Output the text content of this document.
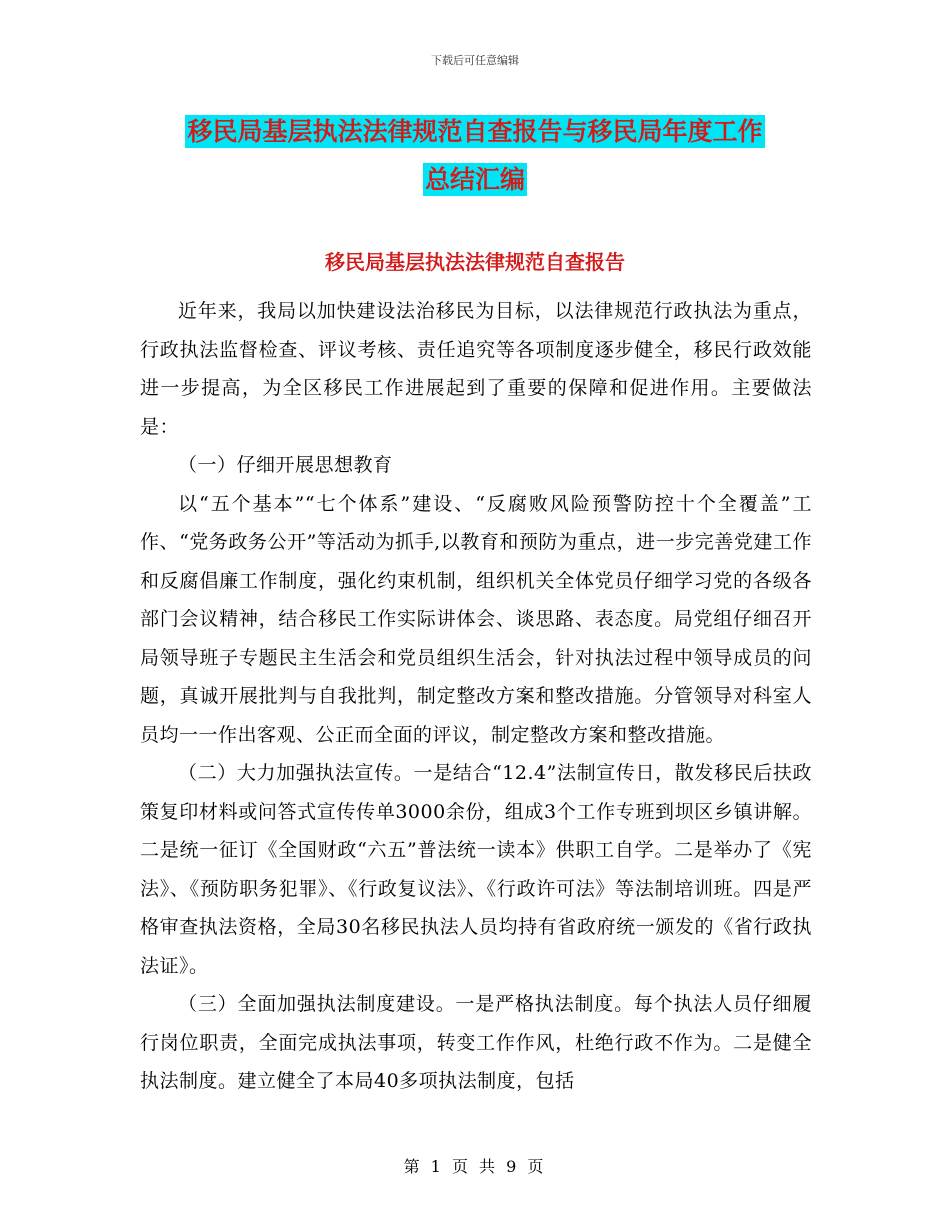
下载后可任意编辑
移民局基层执法法律规范自查报告与移民局年度工作
总结汇编
移民局基层执法法律规范自查报告

近年来，我局以加快建设法治移民为目标，以法律规范行政执法为重点，行政执法监督检查、评议考核、责任追究等各项制度逐步健全，移民行政效能进一步提高，为全区移民工作进展起到了重要的保障和促进作用。主要做法是：

（一）仔细开展思想教育

以“五个基本”“七个体系”建设、“反腐败风险预警防控十个全覆盖”工作、“党务政务公开”等活动为抓手,以教育和预防为重点，进一步完善党建工作和反腐倡廉工作制度，强化约束机制，组织机关全体党员仔细学习党的各级各部门会议精神，结合移民工作实际讲体会、谈思路、表态度。局党组仔细召开局领导班子专题民主生活会和党员组织生活会，针对执法过程中领导成员的问题，真诚开展批判与自我批判，制定整改方案和整改措施。分管领导对科室人员均一一作出客观、公正而全面的评议，制定整改方案和整改措施。

（二）大力加强执法宣传。一是结合“12.4”法制宣传日，散发移民后扶政策复印材料或问答式宣传传单3000余份，组成3个工作专班到坝区乡镇讲解。二是统一征订《全国财政“六五”普法统一读本》供职工自学。二是举办了《宪法》、《预防职务犯罪》、《行政复议法》、《行政许可法》等法制培训班。四是严格审查执法资格，全局30名移民执法人员均持有省政府统一颁发的《省行政执法证》。

（三）全面加强执法制度建设。一是严格执法制度。每个执法人员仔细履行岗位职责，全面完成执法事项，转变工作作风，杜绝行政不作为。二是健全执法制度。建立健全了本局40多项执法制度，包括

第 1 页 共 9 页
